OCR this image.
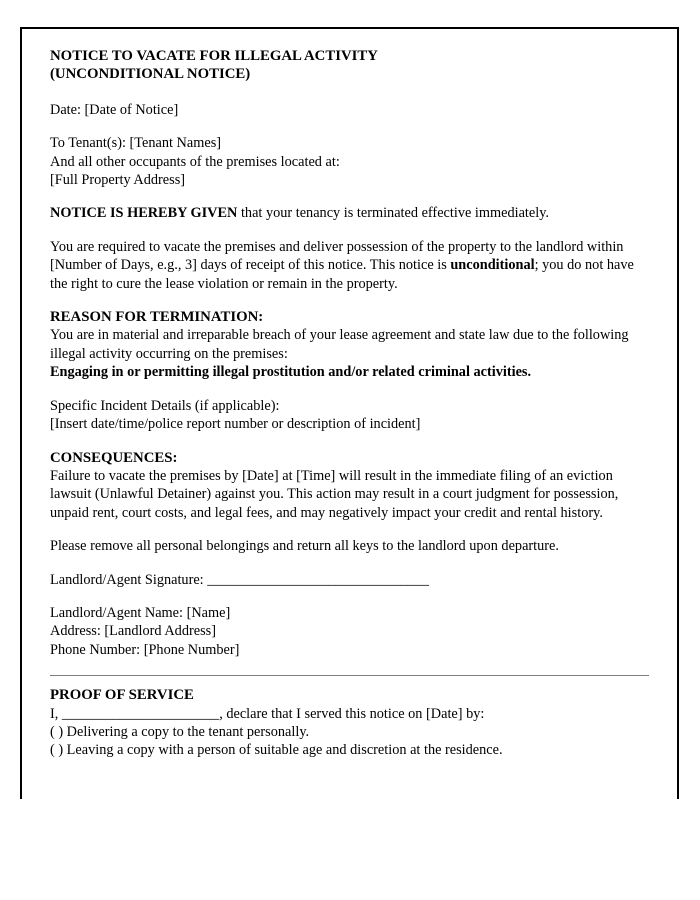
NOTICE TO VACATE FOR ILLEGAL ACTIVITY
(UNCONDITIONAL NOTICE)
Date: [Date of Notice]
To Tenant(s): [Tenant Names]
And all other occupants of the premises located at:
[Full Property Address]
NOTICE IS HEREBY GIVEN that your tenancy is terminated effective immediately.
You are required to vacate the premises and deliver possession of the property to the landlord within [Number of Days, e.g., 3] days of receipt of this notice. This notice is unconditional; you do not have the right to cure the lease violation or remain in the property.
REASON FOR TERMINATION:
You are in material and irreparable breach of your lease agreement and state law due to the following illegal activity occurring on the premises:
Engaging in or permitting illegal prostitution and/or related criminal activities.
Specific Incident Details (if applicable):
[Insert date/time/police report number or description of incident]
CONSEQUENCES:
Failure to vacate the premises by [Date] at [Time] will result in the immediate filing of an eviction lawsuit (Unlawful Detainer) against you. This action may result in a court judgment for possession, unpaid rent, court costs, and legal fees, and may negatively impact your credit and rental history.
Please remove all personal belongings and return all keys to the landlord upon departure.
Landlord/Agent Signature: _______________________________
Landlord/Agent Name: [Name]
Address: [Landlord Address]
Phone Number: [Phone Number]
PROOF OF SERVICE
I, ______________________, declare that I served this notice on [Date] by:
( ) Delivering a copy to the tenant personally.
( ) Leaving a copy with a person of suitable age and discretion at the residence.
